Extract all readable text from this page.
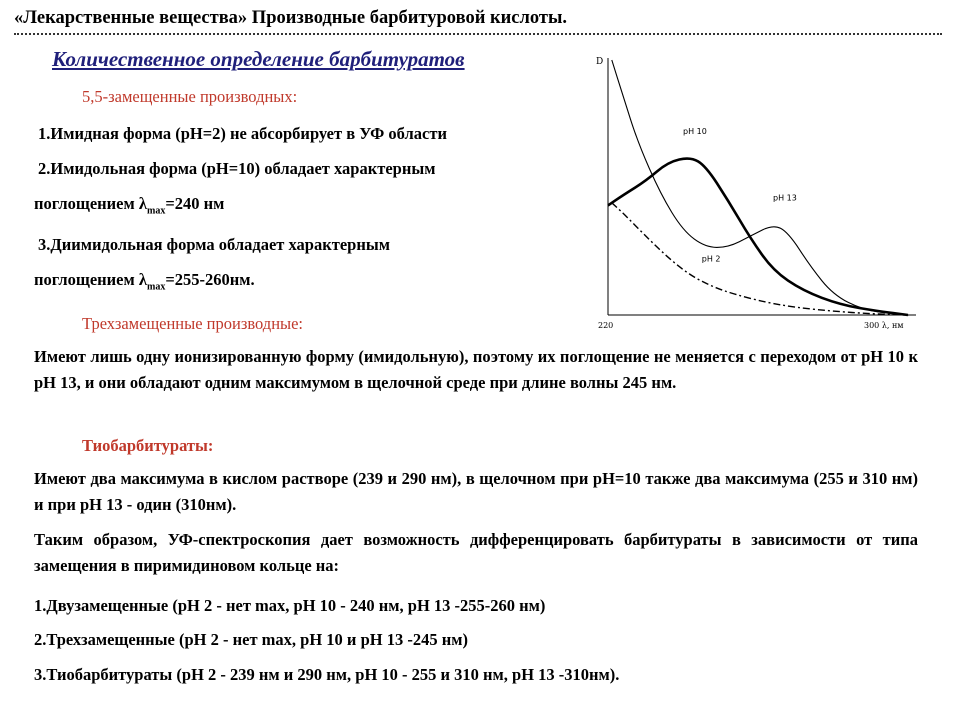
«Лекарственные вещества» Производные барбитуровой кислоты.
Количественное определение барбитуратов
5,5-замещенные производных:
1.Имидная форма (рН=2) не абсорбирует в УФ области
2.Имидольная форма (рН=10) обладает характерным
поглощением $\lambda_{max}=240$ нм
3.Диимидольная форма обладает характерным
поглощением $\lambda_{max}=255-260нм$.
Трехзамещенные производные:
Имеют лишь одну ионизированную форму (имидольную), поэтому их поглощение не меняется с переходом от рН 10 к рН 13, и они обладают одним максимумом в щелочной среде при длине волны 245 нм.
Тиобарбитураты:
Имеют два максимума в кислом растворе (239 и 290 нм), в щелочном при рН=10 также два максимума (255 и 310 нм) и при рН 13 - один (310нм).
Таким образом, УФ-спектроскопия дает возможность дифференцировать барбитураты в зависимости от типа замещения в пиримидиновом кольце на:
1.Двузамещенные (рН 2 - нет max, рН 10 - 240 нм, рН 13 -255-260 нм)
2.Трехзамещенные (рН 2 - нет max, рН 10 и рН 13 -245 нм)
3.Тиобарбитураты (рН 2 - 239 нм и 290 нм, рН 10 - 255 и 310 нм, рН 13 -310нм).
D
220	300 λ, нм
pH 10
pH 13
pH 2
